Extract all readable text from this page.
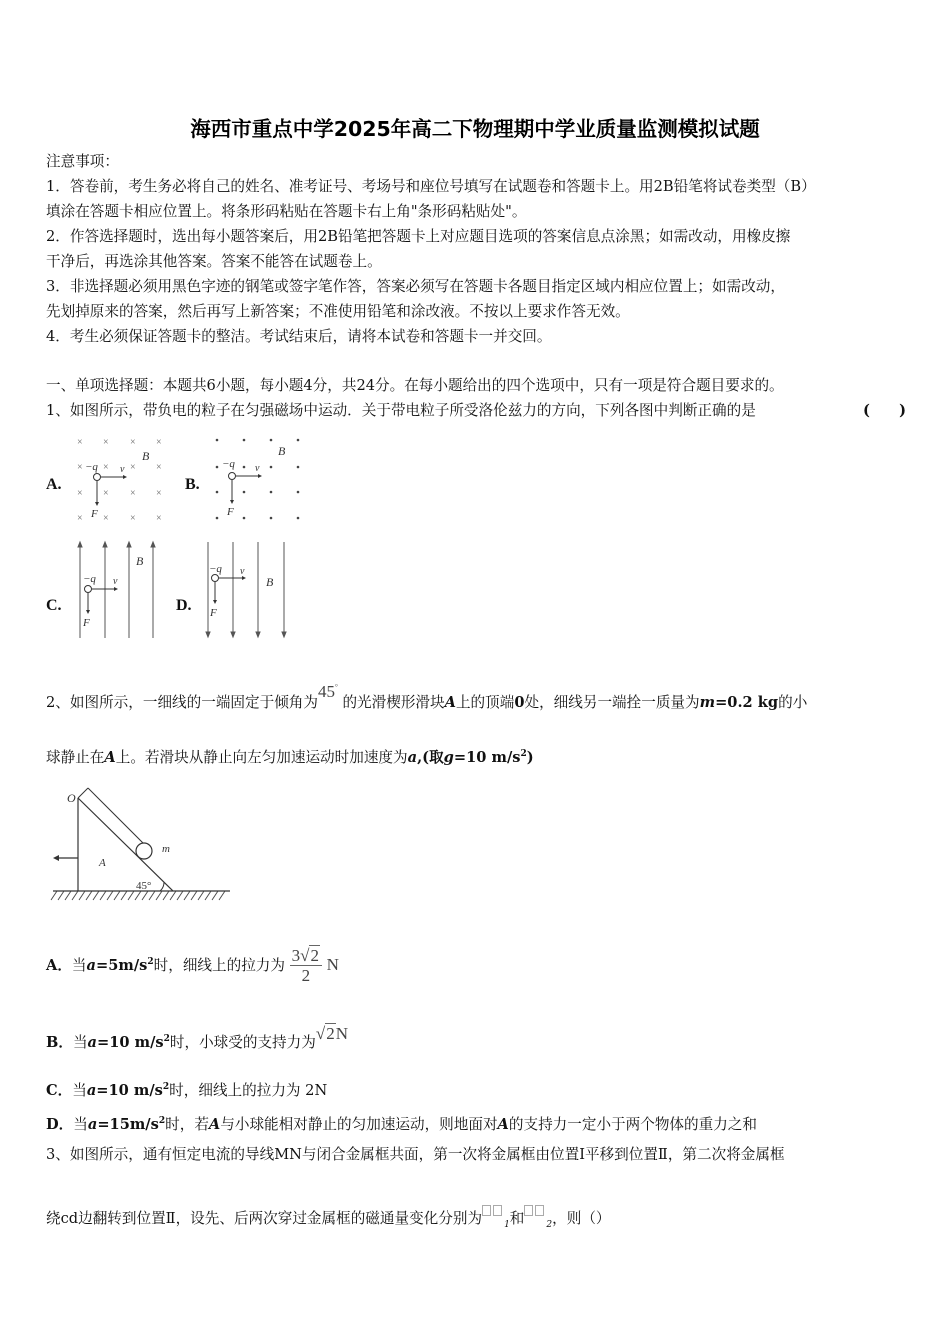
海西市重点中学2025年高二下物理期中学业质量监测模拟试题
注意事项：
1．答卷前，考生务必将自己的姓名、准考证号、考场号和座位号填写在试题卷和答题卡上。用2B铅笔将试卷类型（B）
填涂在答题卡相应位置上。将条形码粘贴在答题卡右上角"条形码粘贴处"。
2．作答选择题时，选出每小题答案后，用2B铅笔把答题卡上对应题目选项的答案信息点涂黑；如需改动，用橡皮擦
干净后，再选涂其他答案。答案不能答在试题卷上。
3．非选择题必须用黑色字迹的钢笔或签字笔作答，答案必须写在答题卡各题目指定区域内相应位置上；如需改动，
先划掉原来的答案，然后再写上新答案；不准使用铅笔和涂改液。不按以上要求作答无效。
4．考生必须保证答题卡的整洁。考试结束后，请将本试卷和答题卡一并交回。
一、单项选择题：本题共6小题，每小题4分，共24分。在每小题给出的四个选项中，只有一项是符合题目要求的。
1、如图所示，带负电的粒子在匀强磁场中运动．关于带电粒子所受洛伦兹力的方向，下列各图中判断正确的是	(　　)
A.
× × × ×
× × × ×
× × × ×
× × × ×
−q
B
v
F
B.
−q
B
v
F
C.
B
−q v
F
D.
B
−q v
F
2、如图所示，一细线的一端固定于倾角为45° 的光滑楔形滑块A上的顶端0处，细线另一端拴一质量为m=0.2 kg的小
球静止在A上。若滑块从静止向左匀加速运动时加速度为a,(取g=10 $m/s^2$)
O
m
A
45°
A．当$a=5m/s^2$时，细线上的拉力为 $\frac{3√2}{2}$ N
B．当a=10 $m/s^2$时，小球受的支持力为√2N
C．当a=10 $m/s^2$时，细线上的拉力为 2N
D．当$a=15m/s^2$时，若A与小球能相对静止的匀加速运动，则地面对A的支持力一定小于两个物体的重力之和
3、如图所示，通有恒定电流的导线MN与闭合金属框共面，第一次将金属框由位置Ⅰ平移到位置Ⅱ，第二次将金属框
绕cd边翻转到位置Ⅱ，设先、后两次穿过金属框的磁通量变化分别为 $_1$和 $_2$，则（）
